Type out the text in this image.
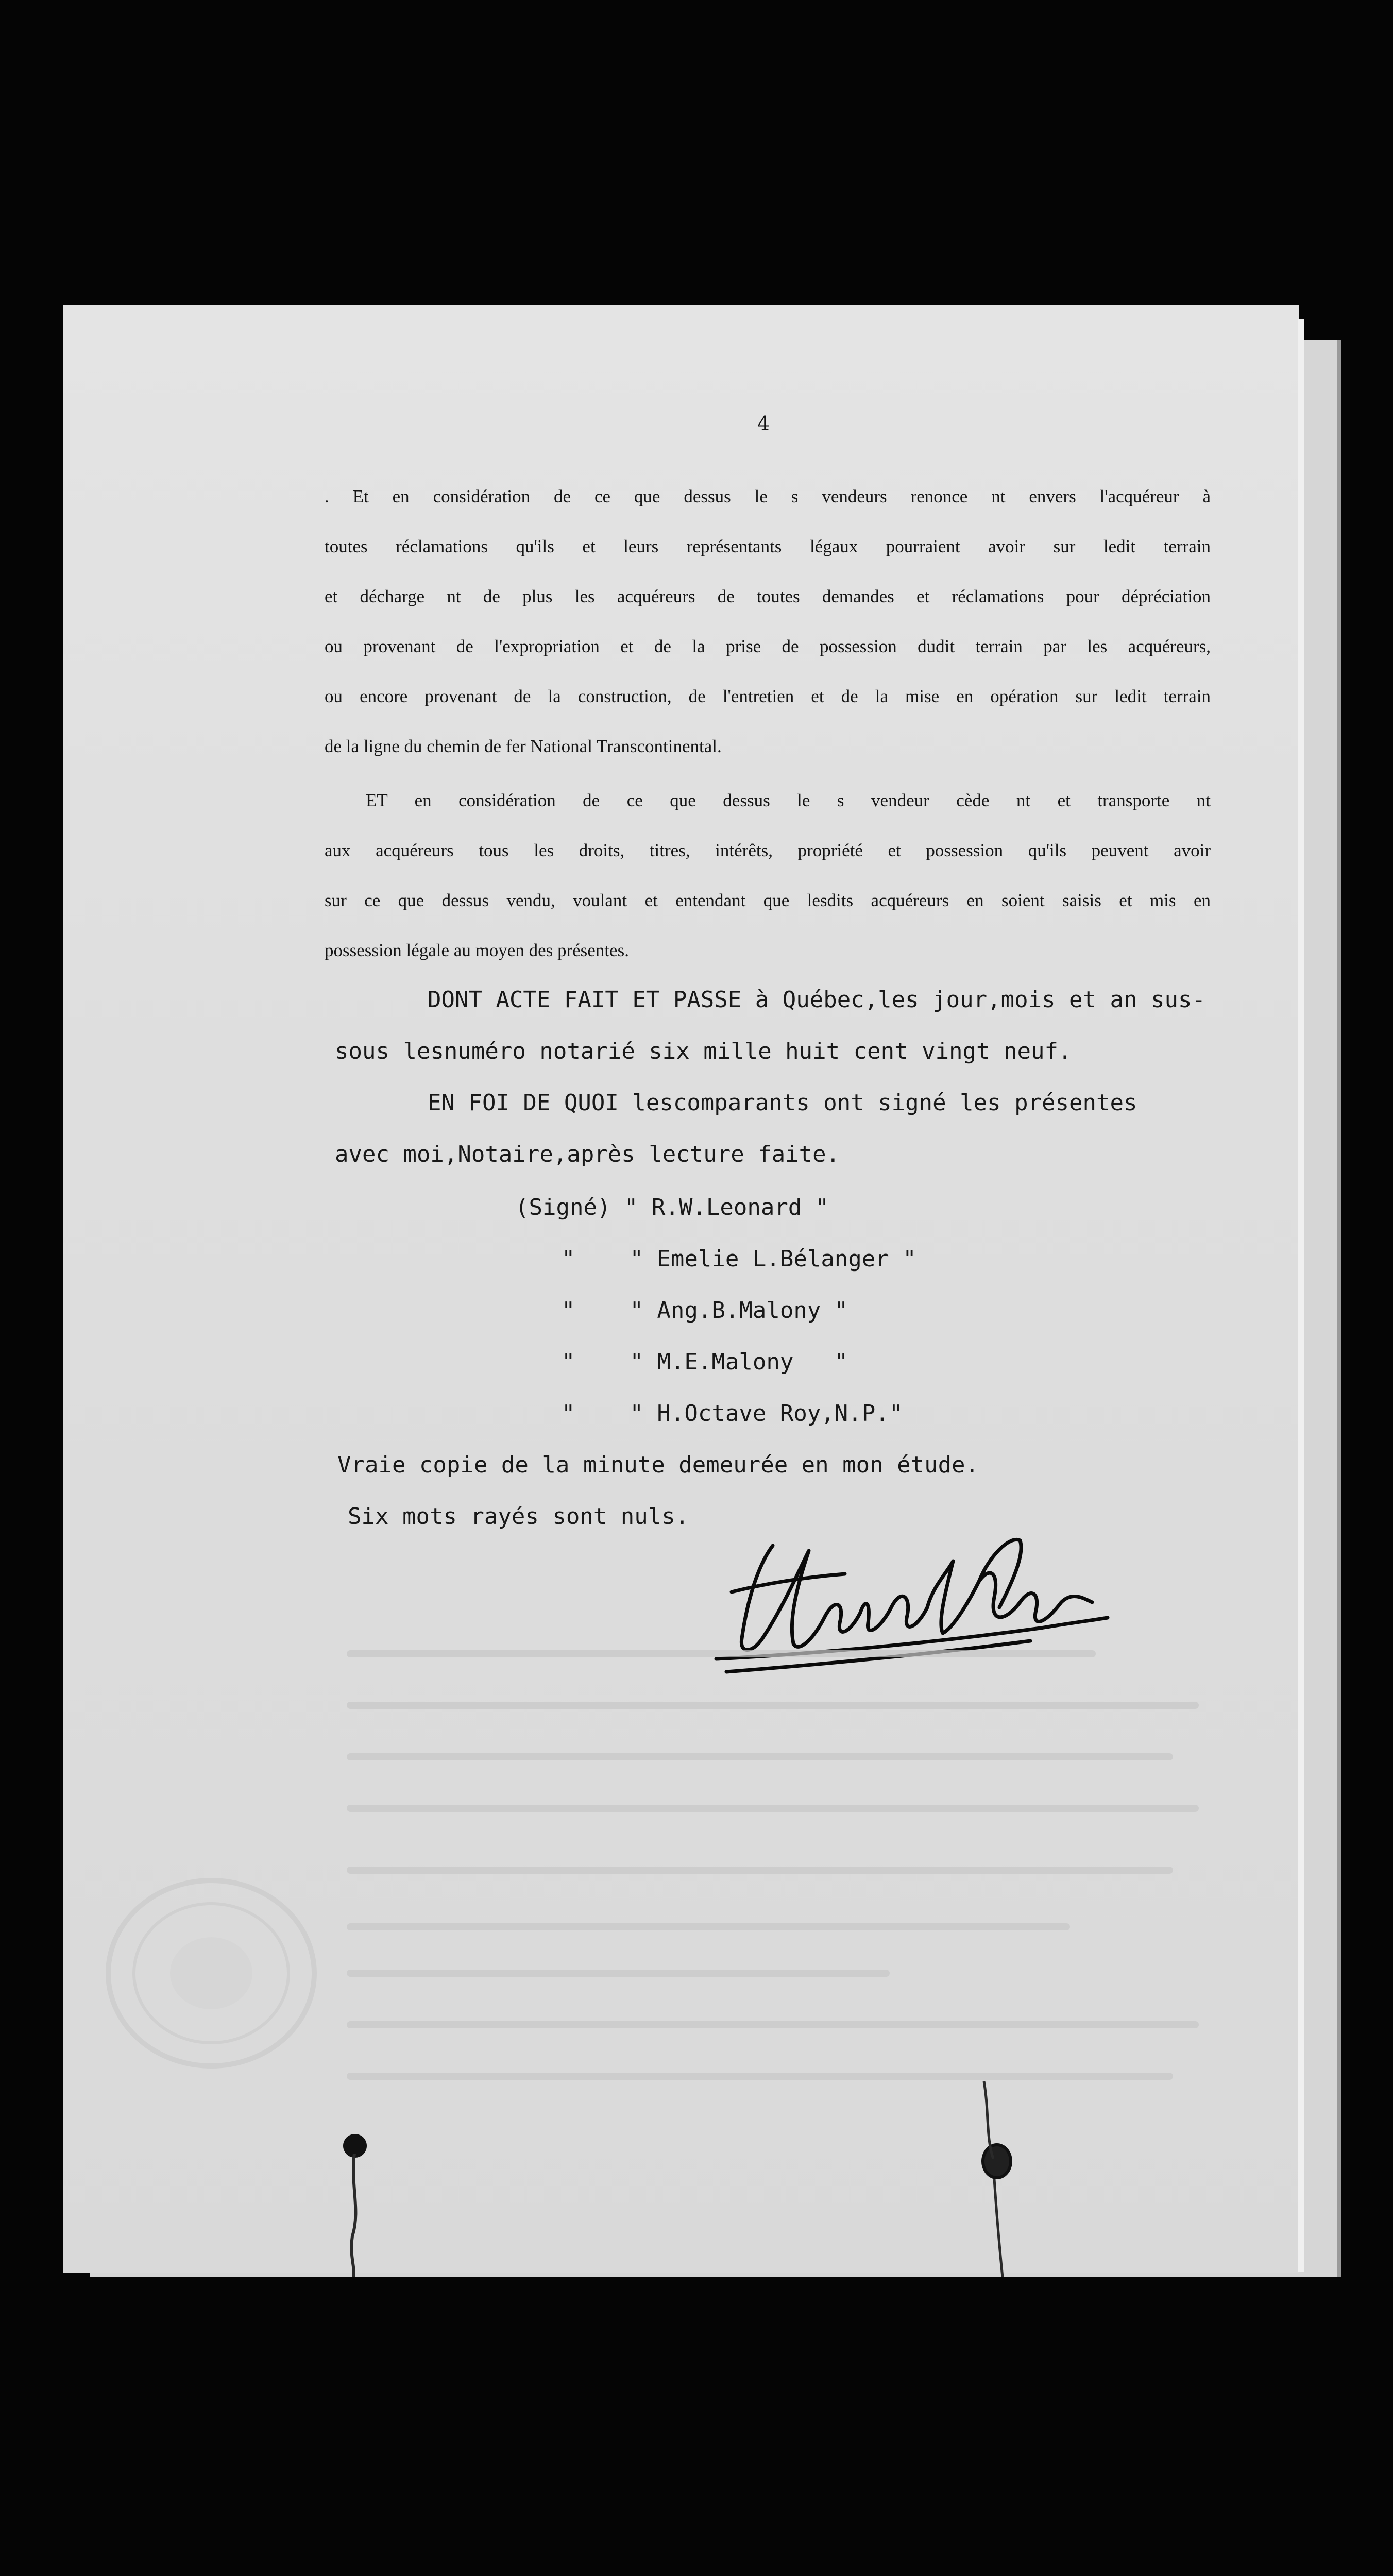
4

. Et en considération de ce que dessus le s vendeurs renonce nt envers l'acquéreur à

toutes réclamations qu'ils et leurs représentants légaux pourraient avoir sur ledit terrain

et décharge nt de plus les acquéreurs de toutes demandes et réclamations pour dépréciation

ou provenant de l'expropriation et de la prise de possession dudit terrain par les acquéreurs,

ou encore provenant de la construction, de l'entretien et de la mise en opération sur ledit terrain

de la ligne du chemin de fer National Transcontinental.

ET en considération de ce que dessus le s vendeur cède nt et transporte nt

aux acquéreurs tous les droits, titres, intérêts, propriété et possession qu'ils peuvent avoir

sur ce que dessus vendu, voulant et entendant que lesdits acquéreurs en soient saisis et mis en

possession légale au moyen des présentes.

DONT ACTE FAIT ET PASSE à Québec,les jour,mois et an sus-
sous lesnuméro notarié six mille huit cent vingt neuf.
EN FOI DE QUOI lescomparants ont signé les présentes
avec moi,Notaire,après lecture faite.
(Signé) " R.W.Leonard "
"    " Emelie L.Bélanger "
"    " Ang.B.Malony "
"    " M.E.Malony   "
"    " H.Octave Roy,N.P."
Vraie copie de la minute demeurée en mon étude.
Six mots rayés sont nuls.
